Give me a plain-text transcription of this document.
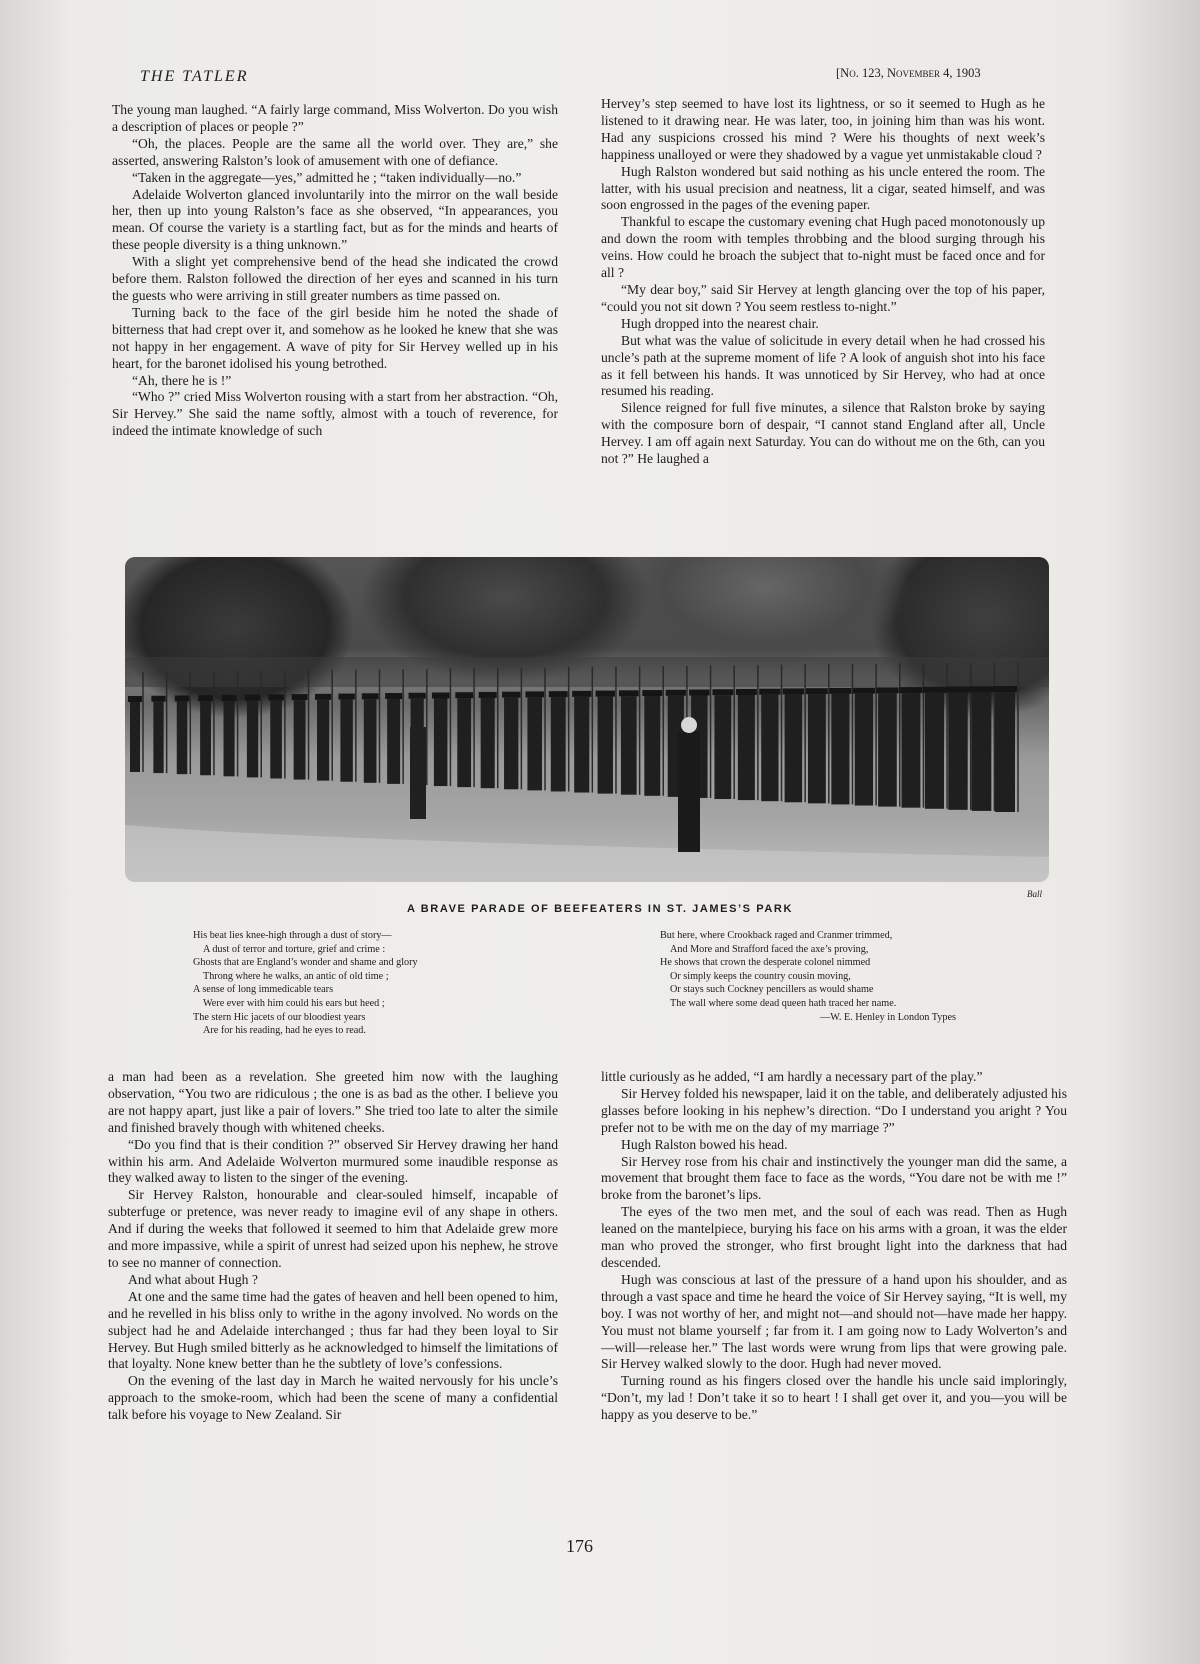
THE TATLER	[No. 123, November 4, 1903

The young man laughed. “A fairly large command, Miss Wolverton. Do you wish a description of places or people ?”

“Oh, the places. People are the same all the world over. They are,” she asserted, answering Ralston’s look of amusement with one of defiance.

“Taken in the aggregate—yes,” admitted he ; “taken individually—no.”

Adelaide Wolverton glanced involuntarily into the mirror on the wall beside her, then up into young Ralston’s face as she observed, “In appearances, you mean. Of course the variety is a startling fact, but as for the minds and hearts of these people diversity is a thing unknown.”

With a slight yet comprehensive bend of the head she indicated the crowd before them. Ralston followed the direction of her eyes and scanned in his turn the guests who were arriving in still greater numbers as time passed on.

Turning back to the face of the girl beside him he noted the shade of bitterness that had crept over it, and somehow as he looked he knew that she was not happy in her engagement. A wave of pity for Sir Hervey welled up in his heart, for the baronet idolised his young betrothed.

“Ah, there he is !”

“Who ?” cried Miss Wolverton rousing with a start from her abstraction. “Oh, Sir Hervey.” She said the name softly, almost with a touch of reverence, for indeed the intimate knowledge of such

Hervey’s step seemed to have lost its lightness, or so it seemed to Hugh as he listened to it drawing near. He was later, too, in joining him than was his wont. Had any suspicions crossed his mind ? Were his thoughts of next week’s happiness unalloyed or were they shadowed by a vague yet unmistakable cloud ?

Hugh Ralston wondered but said nothing as his uncle entered the room. The latter, with his usual precision and neatness, lit a cigar, seated himself, and was soon engrossed in the pages of the evening paper.

Thankful to escape the customary evening chat Hugh paced monotonously up and down the room with temples throbbing and the blood surging through his veins. How could he broach the subject that to-night must be faced once and for all ?

“My dear boy,” said Sir Hervey at length glancing over the top of his paper, “could you not sit down ? You seem restless to-night.”

Hugh dropped into the nearest chair.

But what was the value of solicitude in every detail when he had crossed his uncle’s path at the supreme moment of life ? A look of anguish shot into his face as it fell between his hands. It was unnoticed by Sir Hervey, who had at once resumed his reading.

Silence reigned for full five minutes, a silence that Ralston broke by saying with the composure born of despair, “I cannot stand England after all, Uncle Hervey. I am off again next Saturday. You can do without me on the 6th, can you not ?” He laughed a

Ball
A BRAVE PARADE OF BEEFEATERS IN ST. JAMES’S PARK
His beat lies knee-high through a dust of story—
A dust of terror and torture, grief and crime :
Ghosts that are England’s wonder and shame and glory
Throng where he walks, an antic of old time ;
A sense of long immedicable tears
Were ever with him could his ears but heed ;
The stern Hic jacets of our bloodiest years
Are for his reading, had he eyes to read.
But here, where Crookback raged and Cranmer trimmed,
And More and Strafford faced the axe’s proving,
He shows that crown the desperate colonel nimmed
Or simply keeps the country cousin moving,
Or stays such Cockney pencillers as would shame
The wall where some dead queen hath traced her name.
—W. E. Henley in London Types

a man had been as a revelation. She greeted him now with the laughing observation, “You two are ridiculous ; the one is as bad as the other. I believe you are not happy apart, just like a pair of lovers.” She tried too late to alter the simile and finished bravely though with whitened cheeks.

“Do you find that is their condition ?” observed Sir Hervey drawing her hand within his arm. And Adelaide Wolverton murmured some inaudible response as they walked away to listen to the singer of the evening.

Sir Hervey Ralston, honourable and clear-souled himself, incapable of subterfuge or pretence, was never ready to imagine evil of any shape in others. And if during the weeks that followed it seemed to him that Adelaide grew more and more impassive, while a spirit of unrest had seized upon his nephew, he strove to see no manner of connection.

And what about Hugh ?

At one and the same time had the gates of heaven and hell been opened to him, and he revelled in his bliss only to writhe in the agony involved. No words on the subject had he and Adelaide interchanged ; thus far had they been loyal to Sir Hervey. But Hugh smiled bitterly as he acknowledged to himself the limitations of that loyalty. None knew better than he the subtlety of love’s confessions.

On the evening of the last day in March he waited nervously for his uncle’s approach to the smoke-room, which had been the scene of many a confidential talk before his voyage to New Zealand. Sir

little curiously as he added, “I am hardly a necessary part of the play.”

Sir Hervey folded his newspaper, laid it on the table, and deliberately adjusted his glasses before looking in his nephew’s direction. “Do I understand you aright ? You prefer not to be with me on the day of my marriage ?”

Hugh Ralston bowed his head.

Sir Hervey rose from his chair and instinctively the younger man did the same, a movement that brought them face to face as the words, “You dare not be with me !” broke from the baronet’s lips.

The eyes of the two men met, and the soul of each was read. Then as Hugh leaned on the mantelpiece, burying his face on his arms with a groan, it was the elder man who proved the stronger, who first brought light into the darkness that had descended.

Hugh was conscious at last of the pressure of a hand upon his shoulder, and as through a vast space and time he heard the voice of Sir Hervey saying, “It is well, my boy. I was not worthy of her, and might not—and should not—have made her happy. You must not blame yourself ; far from it. I am going now to Lady Wolverton’s and—will—release her.” The last words were wrung from lips that were growing pale. Sir Hervey walked slowly to the door. Hugh had never moved.

Turning round as his fingers closed over the handle his uncle said imploringly, “Don’t, my lad ! Don’t take it so to heart ! I shall get over it, and you—you will be happy as you deserve to be.”

176
